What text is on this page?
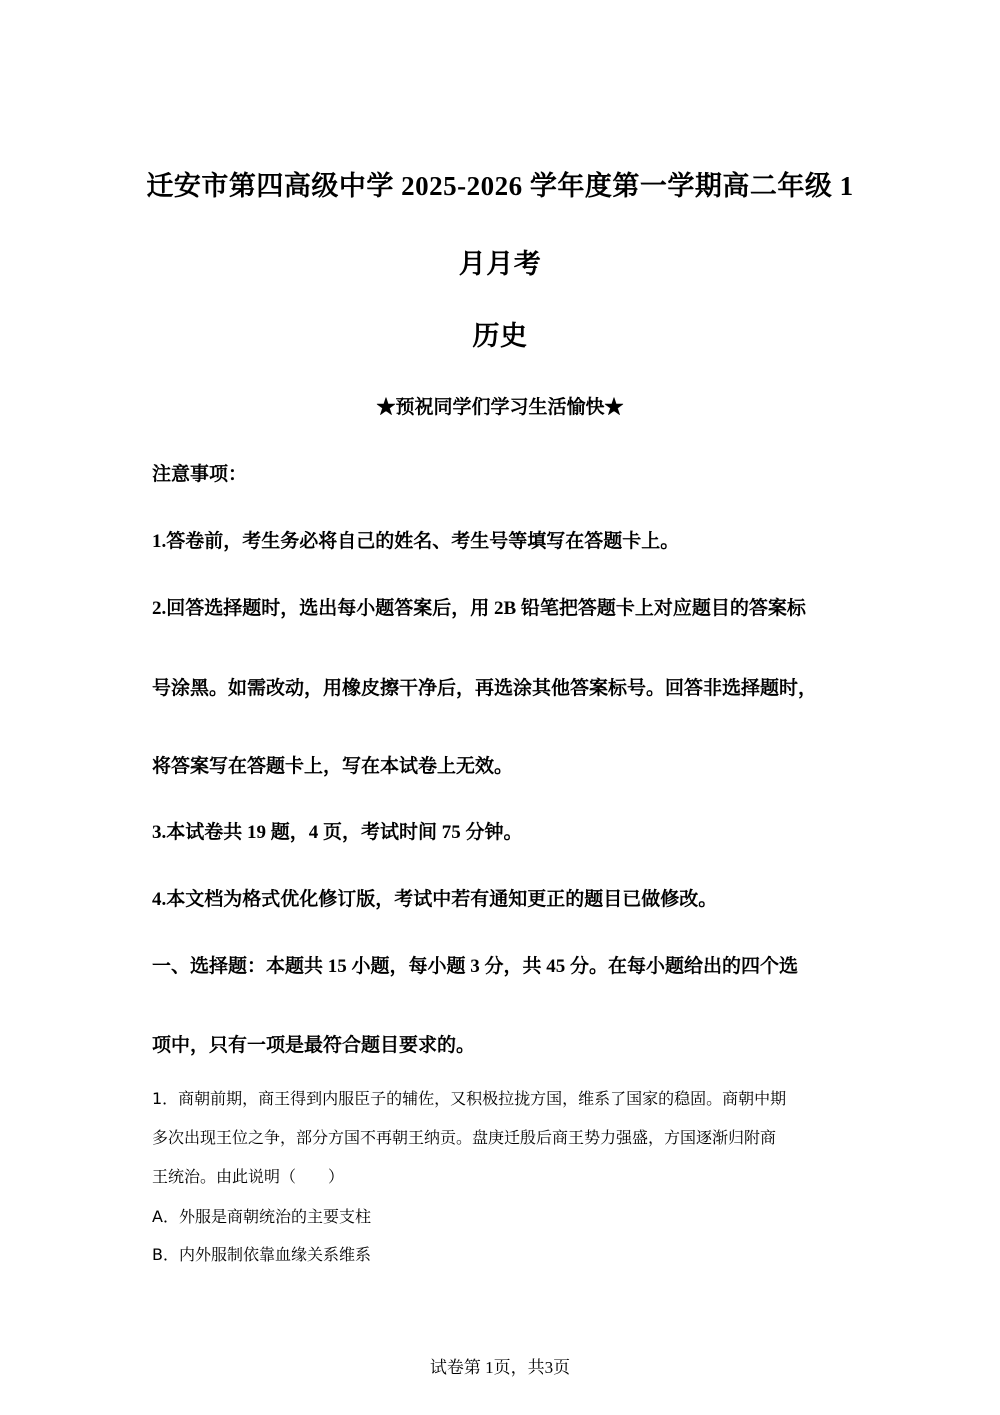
迁安市第四高级中学 2025-2026 学年度第一学期高二年级 1
月月考
历史
★预祝同学们学习生活愉快★
注意事项：
1.答卷前，考生务必将自己的姓名、考生号等填写在答题卡上。
2.回答选择题时，选出每小题答案后，用 2B 铅笔把答题卡上对应题目的答案标
号涂黑。如需改动，用橡皮擦干净后，再选涂其他答案标号。回答非选择题时，
将答案写在答题卡上，写在本试卷上无效。
3.本试卷共 19 题，4 页，考试时间 75 分钟。
4.本文档为格式优化修订版，考试中若有通知更正的题目已做修改。
一、选择题：本题共 15 小题，每小题 3 分，共 45 分。在每小题给出的四个选
项中，只有一项是最符合题目要求的。
1．商朝前期，商王得到内服臣子的辅佐，又积极拉拢方国，维系了国家的稳固。商朝中期
多次出现王位之争，部分方国不再朝王纳贡。盘庚迁殷后商王势力强盛，方国逐渐归附商
王统治。由此说明（　　）
A．外服是商朝统治的主要支柱
B．内外服制依靠血缘关系维系
试卷第 1页，共3页
